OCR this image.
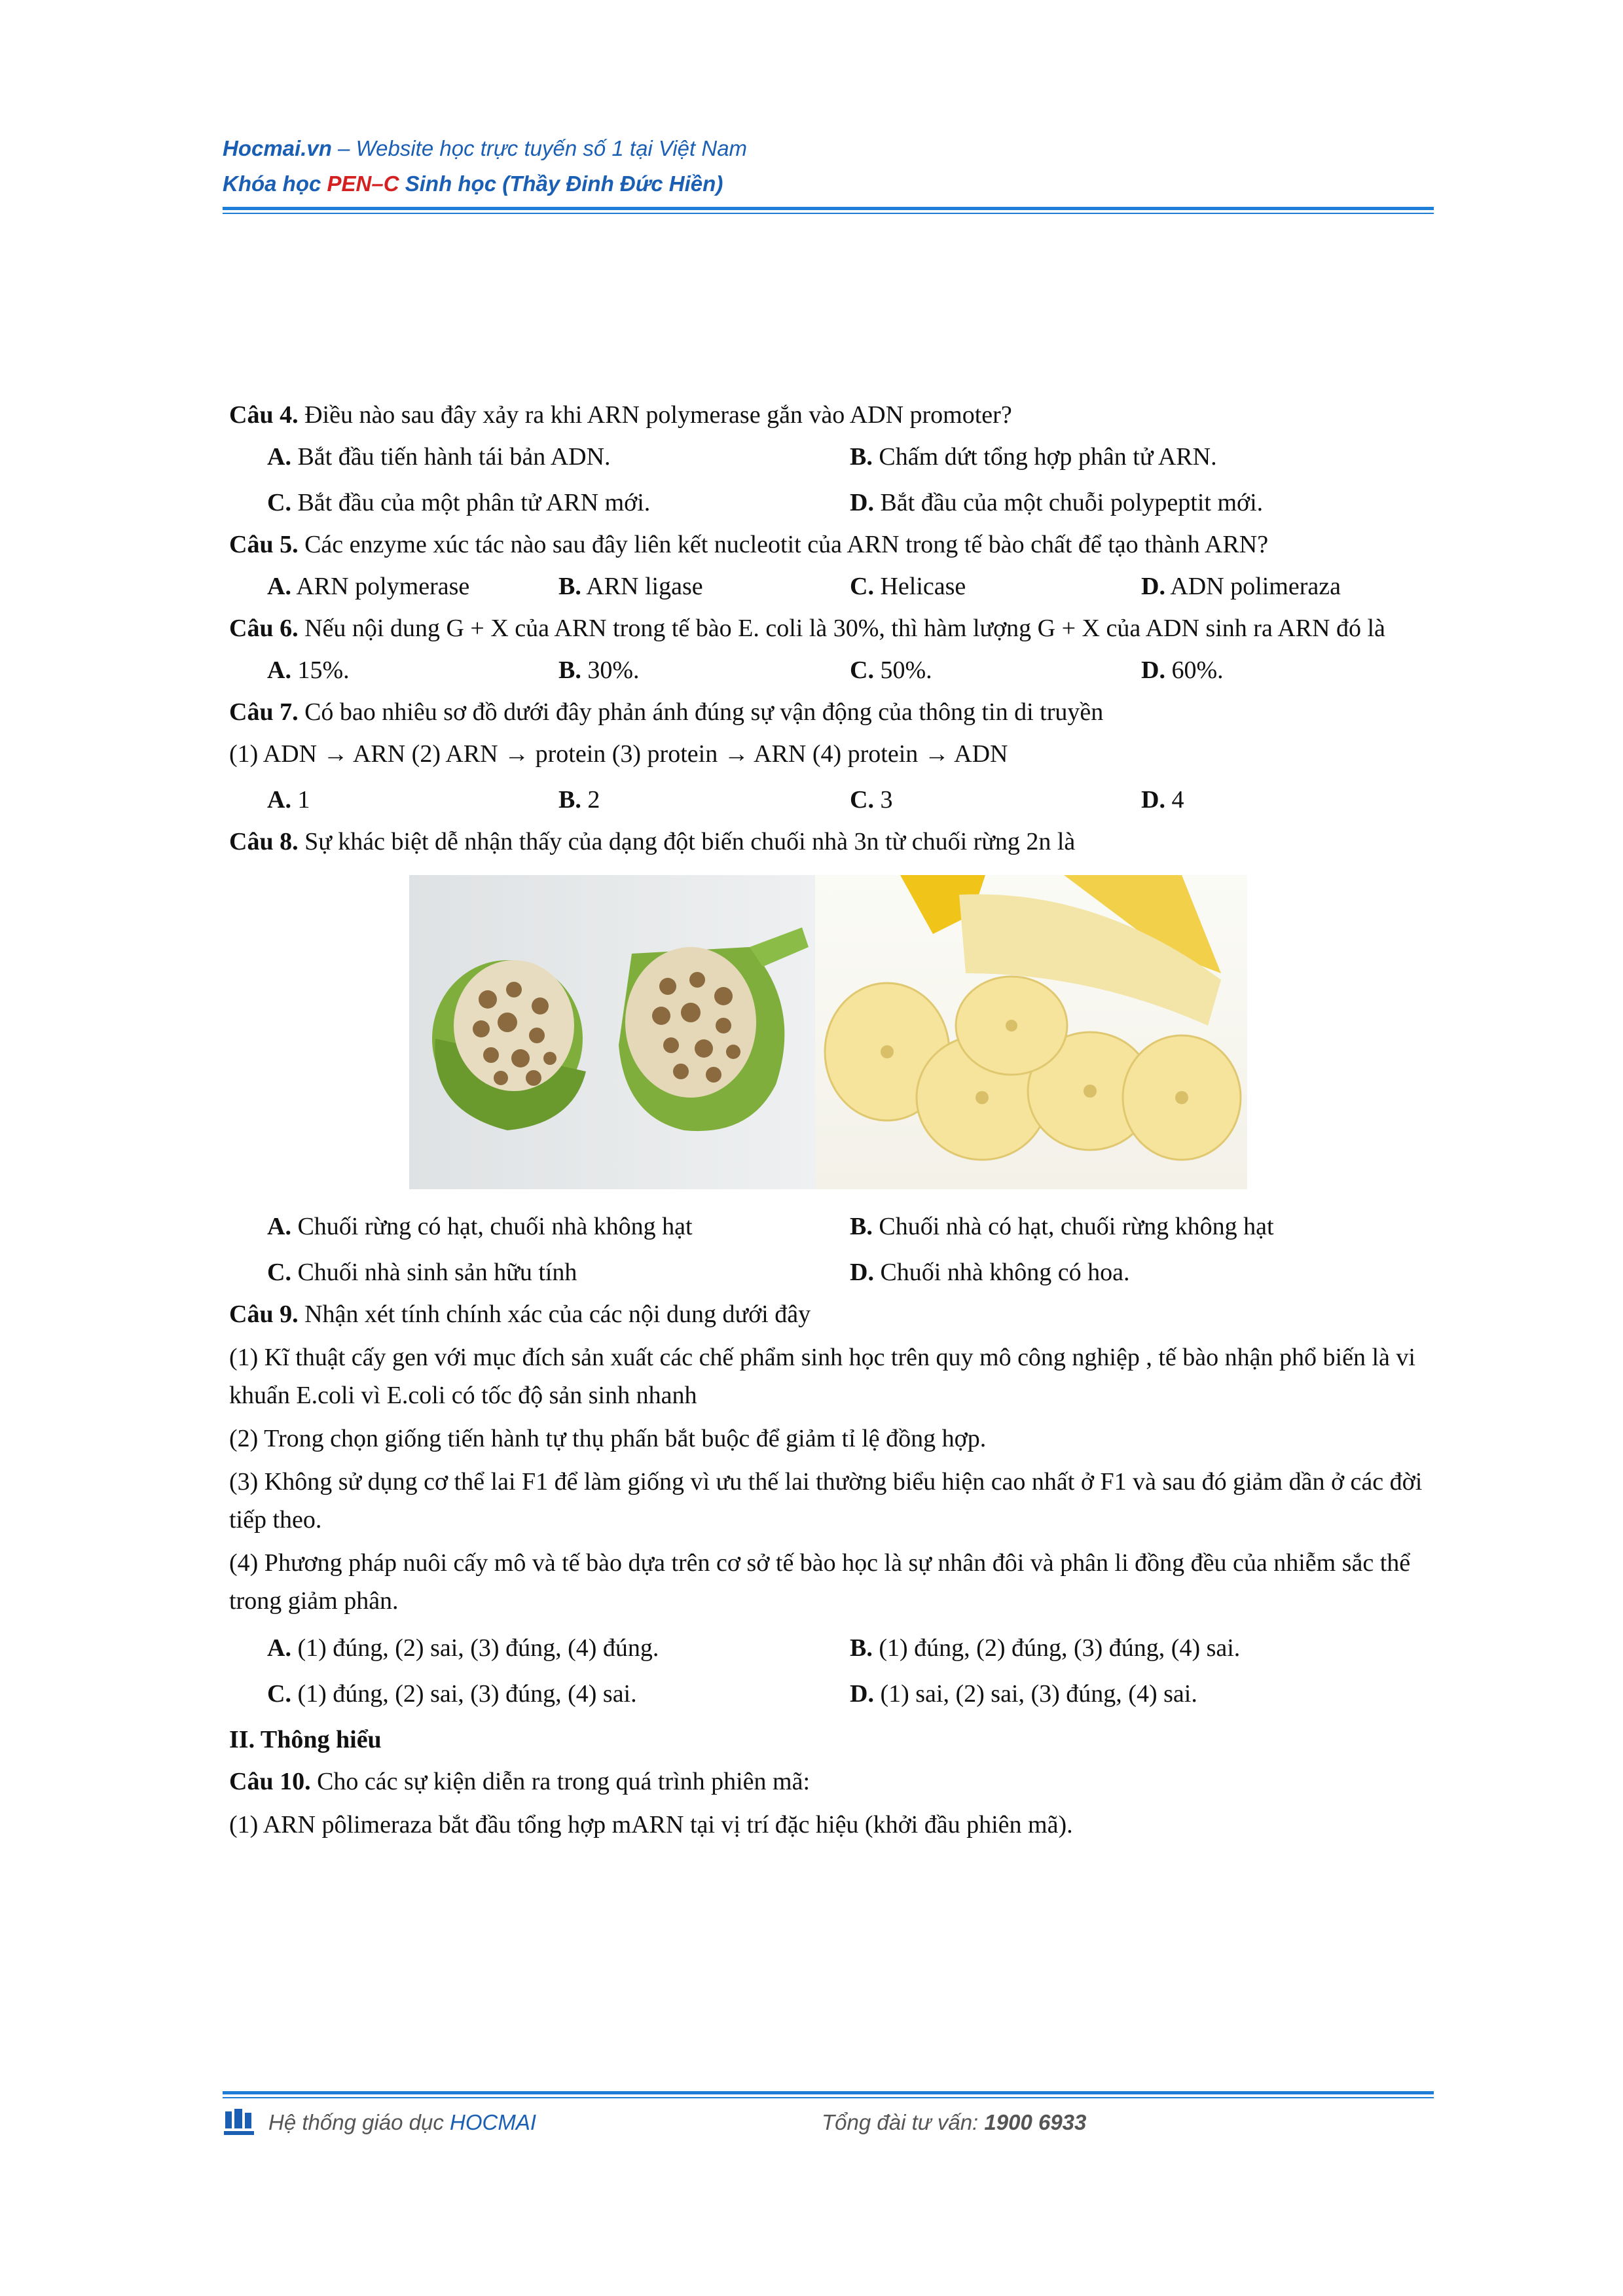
Hocmai.vn – Website học trực tuyến số 1 tại Việt Nam
Khóa học PEN–C Sinh học (Thầy Đinh Đức Hiền)

Câu 4. Điều nào sau đây xảy ra khi ARN polymerase gắn vào ADN promoter?

A. Bắt đầu tiến hành tái bản ADN.	B. Chấm dứt tổng hợp phân tử ARN.
C. Bắt đầu của một phân tử ARN mới.	D. Bắt đầu của một chuỗi polypeptit mới.

Câu 5. Các enzyme xúc tác nào sau đây liên kết nucleotit của ARN trong tế bào chất để tạo thành ARN?

A. ARN polymerase	B. ARN ligase	C. Helicase	D. ADN polimeraza

Câu 6. Nếu nội dung G + X của ARN trong tế bào E. coli là 30%, thì hàm lượng G + X của ADN sinh ra ARN đó là

A. 15%.	B. 30%.	C. 50%.	D. 60%.

Câu 7. Có bao nhiêu sơ đồ dưới đây phản ánh đúng sự vận động của thông tin di truyền

(1) ADN → ARN (2) ARN → protein (3) protein → ARN (4) protein → ADN

A. 1	B. 2	C. 3	D. 4

Câu 8. Sự khác biệt dễ nhận thấy của dạng đột biến chuối nhà 3n từ chuối rừng 2n là

A. Chuối rừng có hạt, chuối nhà không hạt	B. Chuối nhà có hạt, chuối rừng không hạt
C. Chuối nhà sinh sản hữu tính	D. Chuối nhà không có hoa.

Câu 9. Nhận xét tính chính xác của các nội dung dưới đây

(1) Kĩ thuật cấy gen với mục đích sản xuất các chế phẩm sinh học trên quy mô công nghiệp , tế bào nhận phổ biến là vi khuẩn E.coli vì E.coli có tốc độ sản sinh nhanh

(2) Trong chọn giống tiến hành tự thụ phấn bắt buộc để giảm tỉ lệ đồng hợp.

(3) Không sử dụng cơ thể lai F1 để làm giống vì ưu thế lai thường biểu hiện cao nhất ở F1 và sau đó giảm dần ở các đời tiếp theo.

(4) Phương pháp nuôi cấy mô và tế bào dựa trên cơ sở tế bào học là sự nhân đôi và phân li đồng đều của nhiễm sắc thể trong giảm phân.

A. (1) đúng, (2) sai, (3) đúng, (4) đúng.	B. (1) đúng, (2) đúng, (3) đúng, (4) sai.
C. (1) đúng, (2) sai, (3) đúng, (4) sai.	D. (1) sai, (2) sai, (3) đúng, (4) sai.
II. Thông hiểu

Câu 10. Cho các sự kiện diễn ra trong quá trình phiên mã:

(1) ARN pôlimeraza bắt đầu tổng hợp mARN tại vị trí đặc hiệu (khởi đầu phiên mã).

Hệ thống giáo dục HOCMAI	Tổng đài tư vấn: 1900 6933
